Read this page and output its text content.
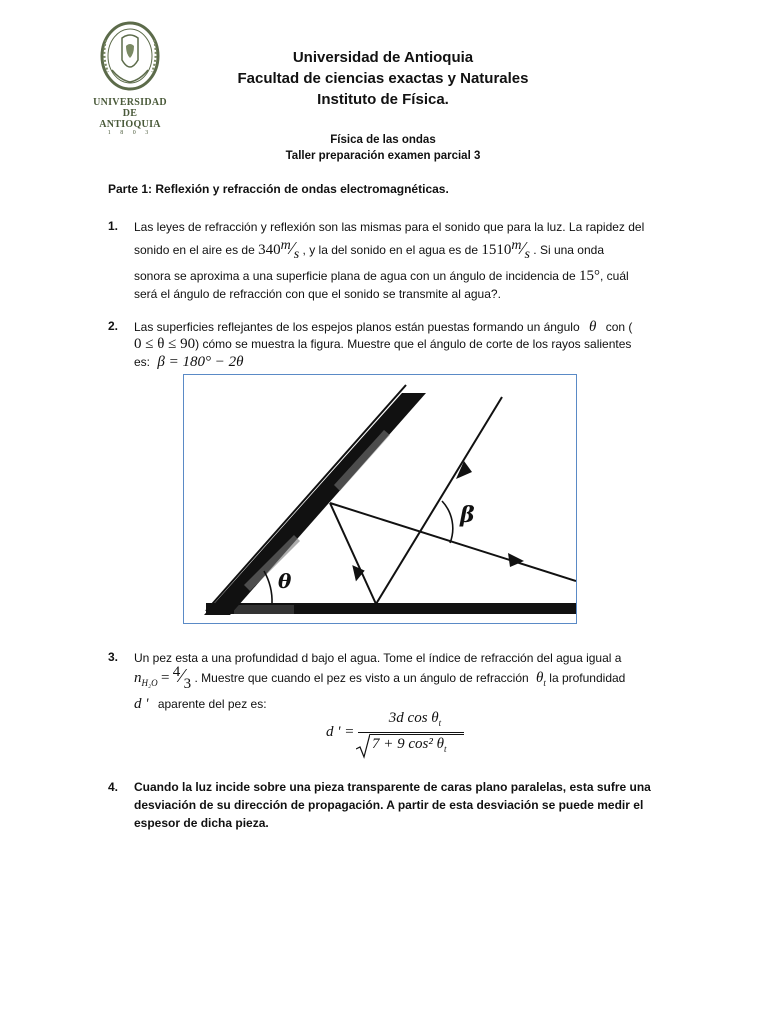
UNIVERSIDAD
DE ANTIOQUIA
1 8 0 3
Universidad de Antioquia
Facultad de ciencias exactas y Naturales
Instituto de Física.
Física de las ondas
Taller preparación examen parcial 3
Parte 1: Reflexión y refracción de ondas electromagnéticas.
1. Las leyes de refracción y reflexión son las mismas para el sonido que para la luz. La rapidez del
sonido en el aire es de 340m⁄s , y la del sonido en el agua es de 1510m⁄s . Si una onda
sonora se aproxima a una superficie plana de agua con un ángulo de incidencia de 15°, cuál
será el ángulo de refracción con que el sonido se transmite al agua?.
2. Las superficies reflejantes de los espejos planos están puestas formando un ángulo θ con (
0 ≤ θ ≤ 90) cómo se muestra la figura. Muestre que el ángulo de corte de los rayos salientes
es: β = 180° − 2θ
θ
β
3. Un pez esta a una profundidad d bajo el agua. Tome el índice de refracción del agua igual a
$n_{H_2O}$ = 4⁄3 . Muestre que cuando el pez es visto a un ángulo de refracción $\theta_t$ la profundidad
d ' aparente del pez es:
d ' =
3d $\cos \theta_t$
7 + 9 cos² $\theta_t$
4. Cuando la luz incide sobre una pieza transparente de caras plano paralelas, esta sufre una
desviación de su dirección de propagación. A partir de esta desviación se puede medir el
espesor de dicha pieza.
